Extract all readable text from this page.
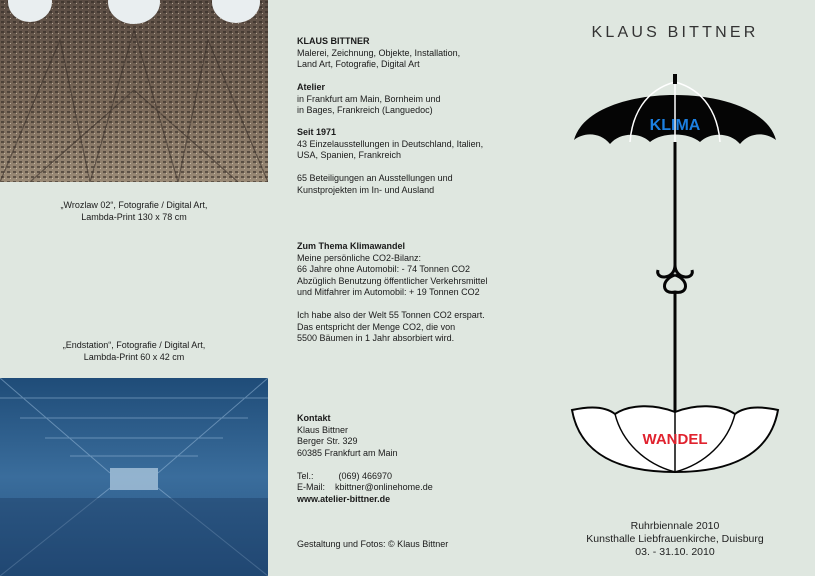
„Wrozlaw 02“, Fotografie / Digital Art,
Lambda-Print 130 x 78 cm
„Endstation“, Fotografie / Digital Art,
Lambda-Print 60 x 42 cm
KLAUS BITTNER
Malerei, Zeichnung, Objekte, Installation,
Land Art, Fotografie, Digital Art
Atelier
in Frankfurt am Main, Bornheim und
in Bages, Frankreich (Languedoc)
Seit 1971
43 Einzelausstellungen in Deutschland, Italien,
USA, Spanien, Frankreich
65 Beteiligungen an Ausstellungen und
Kunstprojekten im In- und Ausland
Zum Thema Klimawandel
Meine persönliche CO2-Bilanz:
66 Jahre ohne Automobil: - 74 Tonnen CO2
Abzüglich Benutzung öffentlicher Verkehrsmittel
und Mitfahrer im Automobil: + 19 Tonnen CO2
Ich habe also der Welt 55 Tonnen CO2 erspart.
Das entspricht der Menge CO2, die von
5500 Bäumen in 1 Jahr absorbiert wird.
Kontakt
Klaus Bittner
Berger Str. 329
60385 Frankfurt am Main
Tel.:          (069) 466970
E-Mail:    kbittner@onlinehome.de
www.atelier-bittner.de
Gestaltung und Fotos: © Klaus Bittner
KLAUS BITTNER
KLIMA
WANDEL
Ruhrbiennale 2010
Kunsthalle Liebfrauenkirche, Duisburg
03. - 31.10. 2010
